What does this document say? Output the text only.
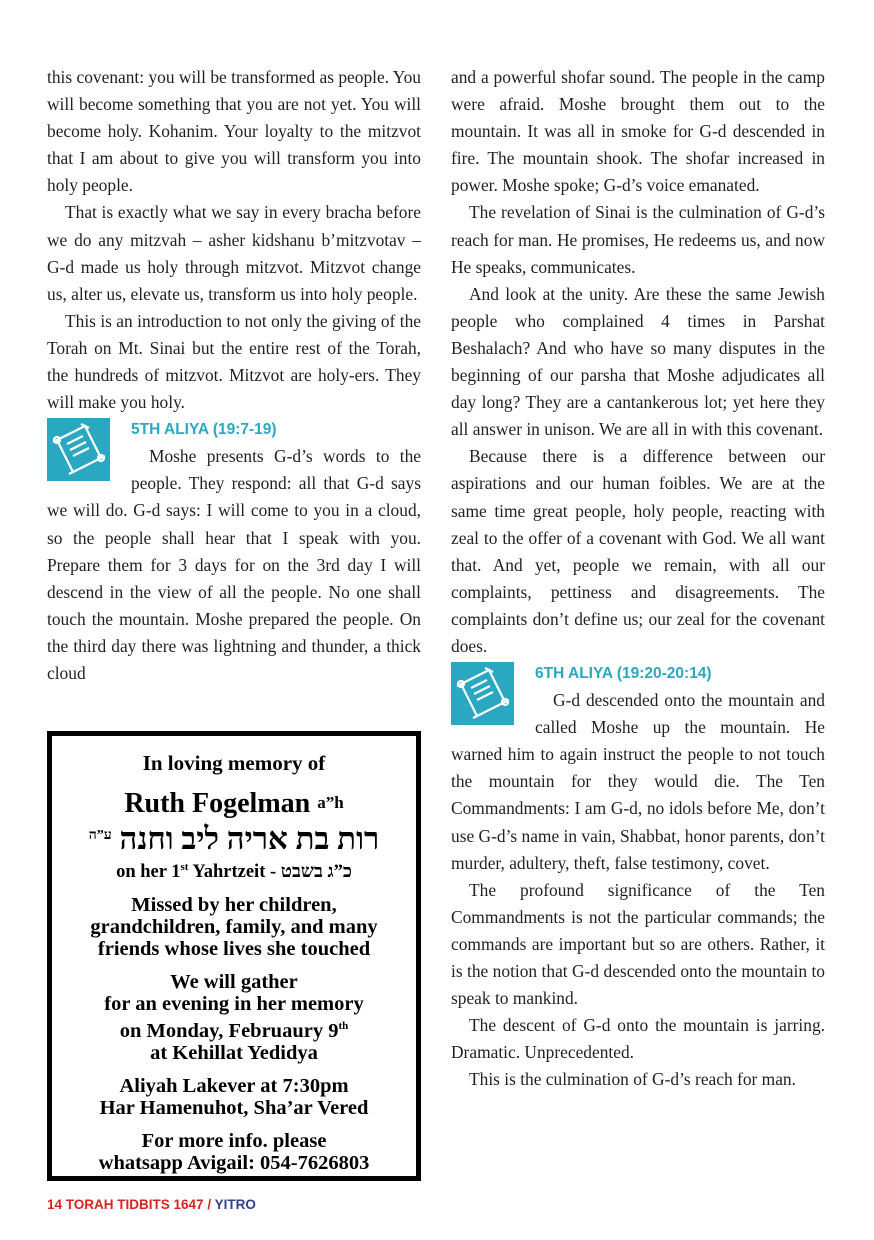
this covenant: you will be transformed as people. You will become something that you are not yet. You will become holy. Kohanim. Your loyalty to the mitzvot that I am about to give you will transform you into holy people.

That is exactly what we say in every bracha before we do any mitzvah – asher kidshanu b’mitzvotav – G-d made us holy through mitzvot. Mitzvot change us, alter us, elevate us, transform us into holy people.

This is an introduction to not only the giving of the Torah on Mt. Sinai but the entire rest of the Torah, the hundreds of mitzvot. Mitzvot are holy-ers. They will make you holy.

5TH ALIYA (19:7-19)

Moshe presents G-d’s words to the people. They respond: all that G-d says we will do. G-d says: I will come to you in a cloud, so the people shall hear that I speak with you. Prepare them for 3 days for on the 3rd day I will descend in the view of all the people. No one shall touch the mountain. Moshe prepared the people. On the third day there was lightning and thunder, a thick cloud

In loving memory of
Ruth Fogelman $^{a”h}$
רות בת אריה ליב וחנה $^{ע”ה}$
on her 1st Yahrtzeit - כ”ג בשבט
Missed by her children,
grandchildren, family, and many
friends whose lives she touched
We will gather
for an evening in her memory
on Monday, Februaury 9th
at Kehillat Yedidya
Aliyah Lakever at 7:30pm
Har Hamenuhot, Sha’ar Vered
For more info. please
whatsapp Avigail: 054-7626803

and a powerful shofar sound. The people in the camp were afraid. Moshe brought them out to the mountain. It was all in smoke for G-d descended in fire. The mountain shook. The shofar increased in power. Moshe spoke; G-d’s voice emanated.

The revelation of Sinai is the culmination of G-d’s reach for man. He promises, He redeems us, and now He speaks, communicates.

And look at the unity. Are these the same Jewish people who complained 4 times in Parshat Beshalach? And who have so many disputes in the beginning of our parsha that Moshe adjudicates all day long? They are a cantankerous lot; yet here they all answer in unison. We are all in with this covenant.

Because there is a difference between our aspirations and our human foibles. We are at the same time great people, holy people, reacting with zeal to the offer of a covenant with God. We all want that. And yet, people we remain, with all our complaints, pettiness and disagreements. The complaints don’t define us; our zeal for the covenant does.

6TH ALIYA (19:20-20:14)

G-d descended onto the mountain and called Moshe up the mountain. He warned him to again instruct the people to not touch the mountain for they would die. The Ten Commandments: I am G-d, no idols before Me, don’t use G-d’s name in vain, Shabbat, honor parents, don’t murder, adultery, theft, false testimony, covet.

The profound significance of the Ten Commandments is not the particular commands; the commands are important but so are others. Rather, it is the notion that G-d descended onto the mountain to speak to mankind.

The descent of G-d onto the mountain is jarring. Dramatic. Unprecedented.

This is the culmination of G-d’s reach for man.

14 TORAH TIDBITS 1647 / YITRO
